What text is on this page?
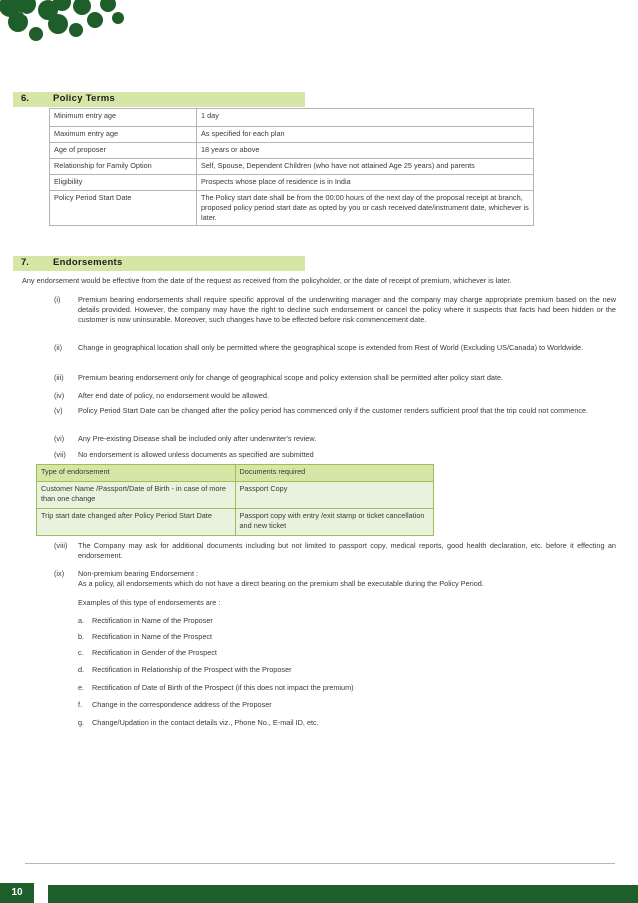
6.	Policy Terms
Minimum entry age	1 day
Maximum entry age	As specified for each plan
Age of proposer	18 years or above
Relationship for Family Option	Self, Spouse, Dependent Children (who have not attained Age 25 years) and parents
Eligibility	Prospects whose place of residence is in India
Policy Period Start Date	The Policy start date shall be from the 00:00 hours of the next day of the proposal receipt at branch, proposed policy period start date as opted by you or cash received date/instrument date, whichever is later.
7.	Endorsements
Any endorsement would be effective from the date of the request as received from the policyholder, or the date of receipt of premium, whichever is later.
(i)	Premium bearing endorsements shall require specific approval of the underwriting manager and the company may charge appropriate premium based on the new details provided. However, the company may have the right to decline such endorsement or cancel the policy where it suspects that facts had been hidden or the customer is now uninsurable. Moreover, such changes have to be effected before risk commencement date.
(ii)	Change in geographical location shall only be permitted where the geographical scope is extended from Rest of World (Excluding US/Canada) to Worldwide.
(iii)	Premium bearing endorsement only for change of geographical scope and policy extension shall be permitted after policy start date.
(iv)	After end date of policy, no endorsement would be allowed.
(v)	Policy Period Start Date can be changed after the policy period has commenced only if the customer renders sufficient proof that the trip could not commence.
(vi)	Any Pre-existing Disease shall be included only after underwriter's review.
(vii)	No endorsement is allowed unless documents as specified are submitted
Type of endorsement	Documents required
Customer Name /Passport/Date of Birth - in case of more than one change	Passport Copy
Trip start date changed after Policy Period Start Date	Passport copy with entry /exit stamp or ticket cancellation and new ticket
(viii)	The Company may ask for additional documents including but not limited to passport copy, medical reports, good health declaration, etc. before it effecting an endorsement.
(ix)	Non-premium bearing Endorsement :
As a policy, all endorsements which do not have a direct bearing on the premium shall be executable during the Policy Period.
Examples of this type of endorsements are :
a.	Rectification in Name of the Proposer
b.	Rectification in Name of the Prospect
c.	Rectification in Gender of the Prospect
d.	Rectification in Relationship of the Prospect with the Proposer
e.	Rectification of Date of Birth of the Prospect (if this does not impact the premium)
f.	Change in the correspondence address of the Proposer
g.	Change/Updation in the contact details viz., Phone No., E-mail ID, etc.
10
